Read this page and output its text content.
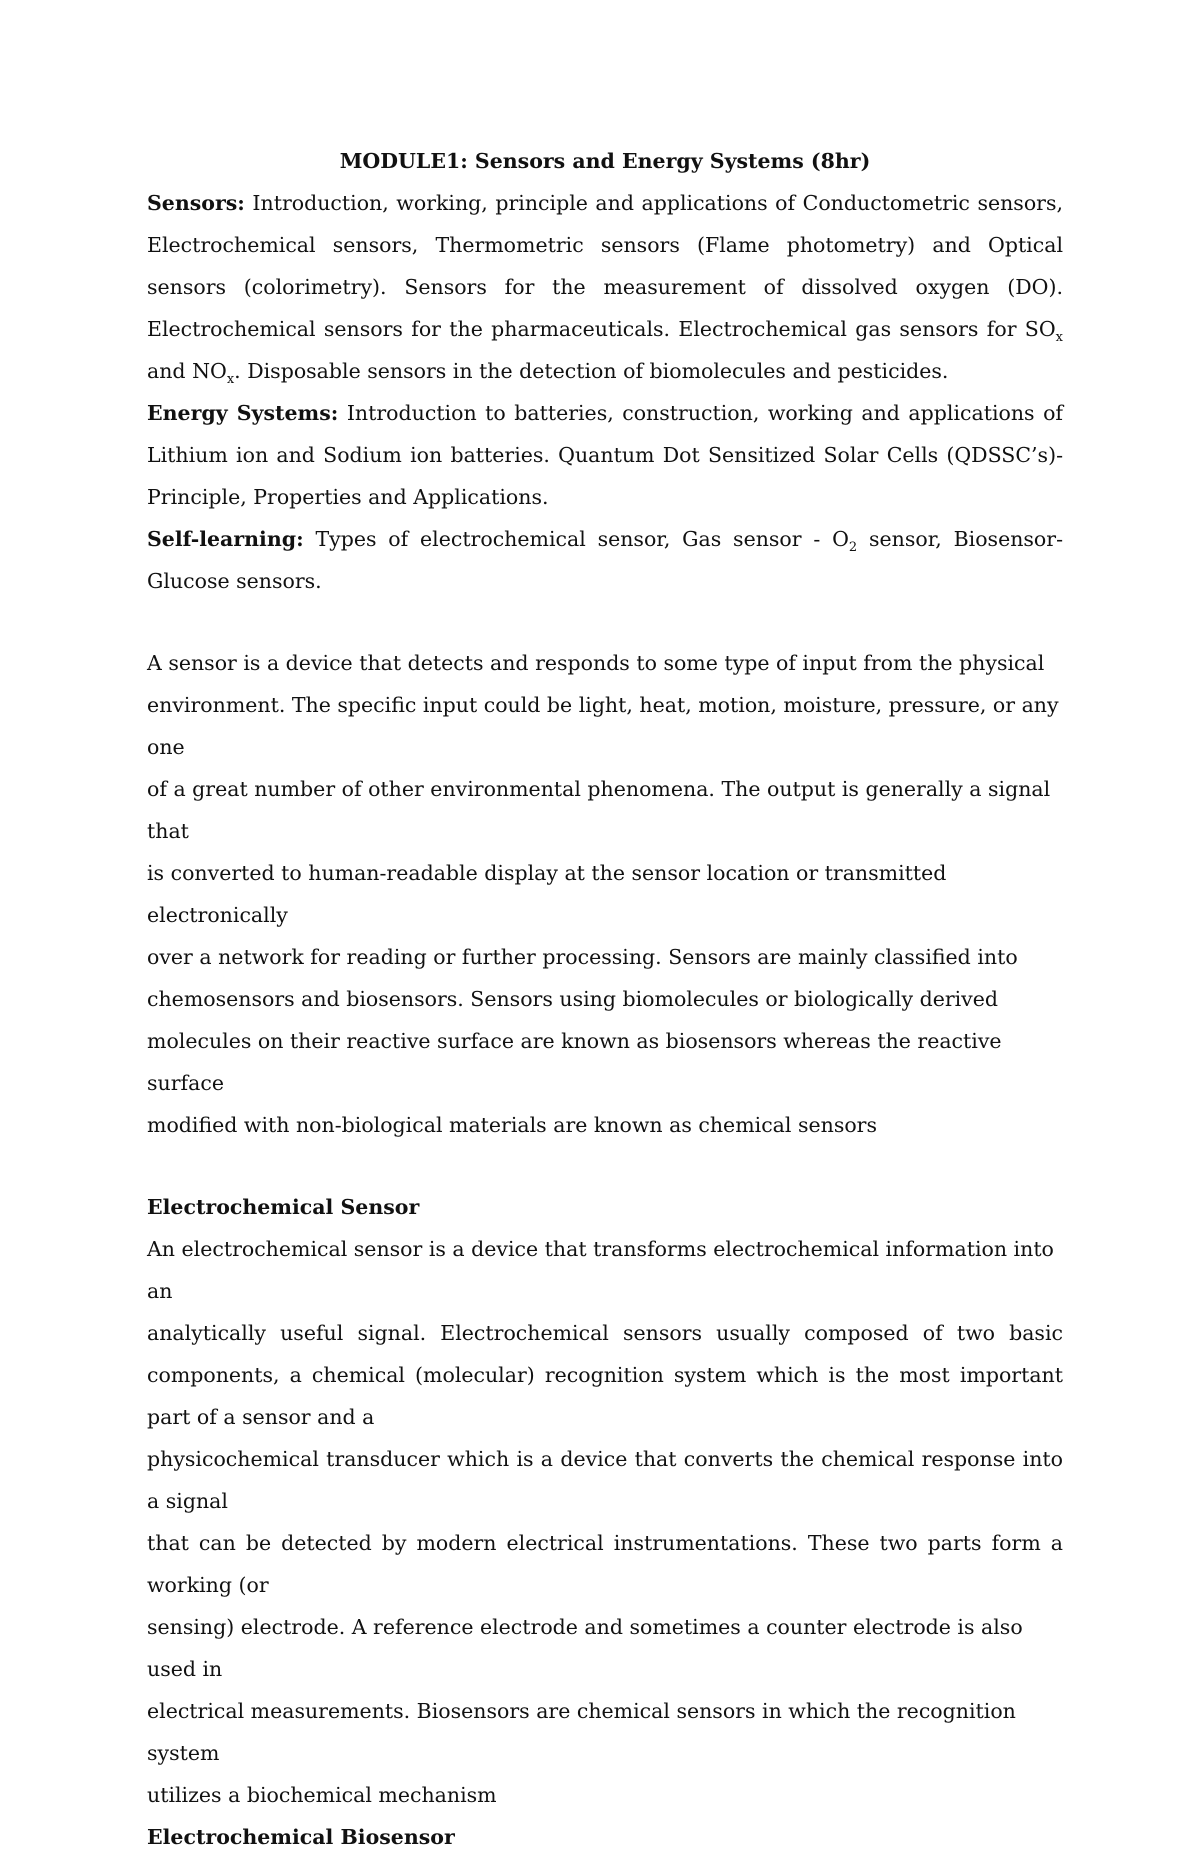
MODULE1: Sensors and Energy Systems (8hr)

Sensors: Introduction, working, principle and applications of Conductometric sensors, Electrochemical sensors, Thermometric sensors (Flame photometry) and Optical sensors (colorimetry). Sensors for the measurement of dissolved oxygen (DO). Electrochemical sensors for the pharmaceuticals. Electrochemical gas sensors for $SO_x$ and $NO_x$. Disposable sensors in the detection of biomolecules and pesticides.

Energy Systems: Introduction to batteries, construction, working and applications of Lithium ion and Sodium ion batteries. Quantum Dot Sensitized Solar Cells (QDSSC’s)-Principle, Properties and Applications.

Self-learning: Types of electrochemical sensor, Gas sensor - $O_2$ sensor, Biosensor-Glucose sensors.

A sensor is a device that detects and responds to some type of input from the physical

environment. The specific input could be light, heat, motion, moisture, pressure, or any one

of a great number of other environmental phenomena. The output is generally a signal that

is converted to human-readable display at the sensor location or transmitted electronically

over a network for reading or further processing. Sensors are mainly classified into

chemosensors and biosensors. Sensors using biomolecules or biologically derived

molecules on their reactive surface are known as biosensors whereas the reactive surface

modified with non-biological materials are known as chemical sensors

Electrochemical Sensor

An electrochemical sensor is a device that transforms electrochemical information into an

analytically useful signal. Electrochemical sensors usually composed of two basic components, a chemical (molecular) recognition system which is the most important part of a sensor and a

physicochemical transducer which is a device that converts the chemical response into a signal

that can be detected by modern electrical instrumentations. These two parts form a working (or

sensing) electrode. A reference electrode and sometimes a counter electrode is also used in

electrical measurements. Biosensors are chemical sensors in which the recognition system

utilizes a biochemical mechanism

Electrochemical Biosensor
